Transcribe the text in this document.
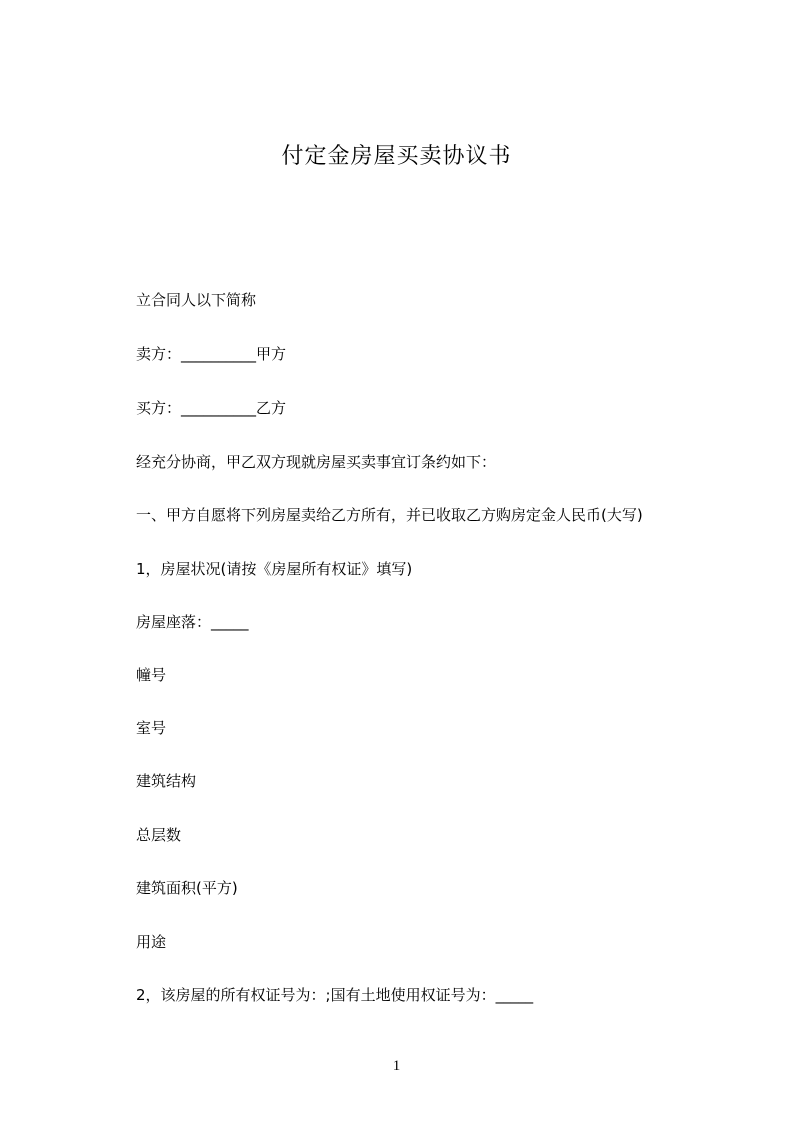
付定金房屋买卖协议书
立合同人以下简称
卖方：__________甲方
买方：__________乙方
经充分协商，甲乙双方现就房屋买卖事宜订条约如下：
一、甲方自愿将下列房屋卖给乙方所有，并已收取乙方购房定金人民币(大写)
1，房屋状况(请按《房屋所有权证》填写)
房屋座落：_____
幢号
室号
建筑结构
总层数
建筑面积(平方)
用途
2，该房屋的所有权证号为：;国有土地使用权证号为：_____
1
